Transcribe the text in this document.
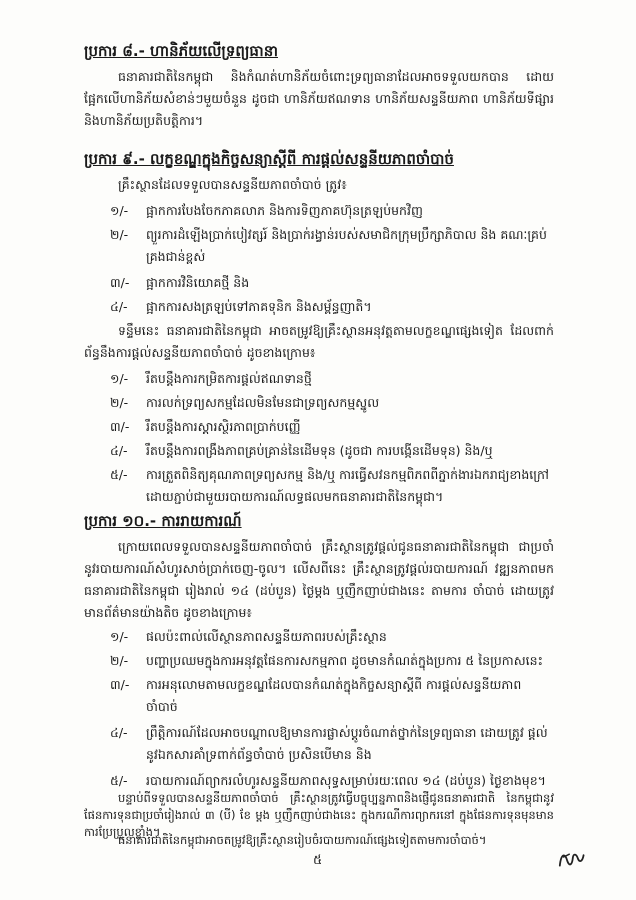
ប្រការ ៨.- ហានិភ័យលើទ្រព្យធានា
ធនាគារជាតិនៃកម្ពុជា និងកំណត់ហានិភ័យចំពោះទ្រព្យធានាដែលអាចទទួលយកបាន ដោយផ្អែកលើហានិភ័យសំខាន់ៗមួយចំនួន ដូចជា ហានិភ័យឥណទាន ហានិភ័យសន្ទនីយភាព ហានិភ័យទីផ្សារ និងហានិភ័យប្រតិបត្តិការ។
ប្រការ ៩.- លក្ខខណ្ឌក្នុងកិច្ចសន្យាស្ដីពី ការផ្ដល់សន្ទនីយភាពចាំបាច់
គ្រឹះស្ថានដែលទទួលបានសន្ទនីយភាពចាំបាច់ ត្រូវ៖
១/- ផ្អាកការបែងចែកភាគលាភ និងការទិញភាគហ៊ុនត្រឡប់មកវិញ
២/- ព្យួរការដំឡើងប្រាក់បៀវត្សរ៍ និងប្រាក់រង្វាន់របស់សមាជិកក្រុមប្រឹក្សាភិបាល និង គណៈគ្រប់គ្រងជាន់ខ្ពស់
៣/- ផ្អាកការវិនិយោគថ្មី និង
៤/- ផ្អាកការសងត្រឡប់ទៅភាគទុនិក និងសម្ព័ន្ធញាតិ។
ទន្ទឹមនេះ ធនាគារជាតិនៃកម្ពុជា អាចតម្រូវឱ្យគ្រឹះស្ថានអនុវត្តតាមលក្ខខណ្ឌផ្សេងទៀត ដែលពាក់ព័ន្ធនឹងការផ្ដល់សន្ទនីយភាពចាំបាច់ ដូចខាងក្រោម៖
១/- រឹតបន្តឹងការកម្រិតការផ្ដល់ឥណទានថ្មី
២/- ការលក់ទ្រព្យសកម្មដែលមិនមែនជាទ្រព្យសកម្មស្នូល
៣/- រឹតបន្តឹងការស្ដារស្ថិរភាពប្រាក់បញ្ញើ
៤/- រឹតបន្តឹងការពង្រឹងភាពគ្រប់គ្រាន់នៃដើមទុន (ដូចជា ការបង្កើនដើមទុន) និង/ឬ
៥/- ការត្រួតពិនិត្យគុណភាពទ្រព្យសកម្ម និង/ឬ ការធ្វើសវនកម្មពិភពពីភ្នាក់ងារឯករាជ្យខាងក្រៅ ដោយភ្ជាប់ជាមួយរបាយការណ៍លទ្ធផលមកធនាគារជាតិនៃកម្ពុជា។
ប្រការ ១០.- ការរាយការណ៍
ក្រោយពេលទទួលបានសន្ទនីយភាពចាំបាច់ គ្រឹះស្ថានត្រូវផ្ដល់ជូនធនាគារជាតិនៃកម្ពុជា ជាប្រចាំនូវរបាយការណ៍សំហូរសាច់ប្រាក់ចេញ-ចូល។ លើសពីនេះ គ្រឹះស្ថានត្រូវផ្ដល់របាយការណ៍ វឌ្ឍនភាពមកធនាគារជាតិនៃកម្ពុជា រៀងរាល់ ១៤ (ដប់បួន) ថ្ងៃម្ដង ឬញឹកញាប់ជាងនេះ តាមការ ចាំបាច់ ដោយត្រូវមានព័ត៌មានយ៉ាងតិច ដូចខាងក្រោម៖
១/- ផលប៉ះពាល់លើស្ថានភាពសន្ទនីយភាពរបស់គ្រឹះស្ថាន
២/- បញ្ហាប្រឈមក្នុងការអនុវត្តផែនការសកម្មភាព ដូចមានកំណត់ក្នុងប្រការ ៥ នៃប្រកាសនេះ
៣/- ការអនុលោមតាមលក្ខខណ្ឌដែលបានកំណត់ក្នុងកិច្ចសន្យាស្ដីពី ការផ្ដល់សន្ទនីយភាព ចាំបាច់
៤/- ព្រឹត្តិការណ៍ដែលអាចបណ្ដាលឱ្យមានការផ្លាស់ប្ដូរចំណាត់ថ្នាក់នៃទ្រព្យធានា ដោយត្រូវ ផ្ដល់នូវឯកសារគាំទ្រពាក់ព័ន្ធចាំបាច់ ប្រសិនបើមាន និង
៥/- របាយការណ៍ព្យាករលំហូរសន្ទនីយភាពសុទ្ធសម្រាប់រយៈពេល ១៤ (ដប់បួន) ថ្ងៃខាងមុខ។
បន្ទាប់ពីទទួលបានសន្ទនីយភាពចាំបាច់ គ្រឹះស្ថានត្រូវធ្វើបច្ចុប្បន្នភាពនិងផ្ញើជូនធនាគារជាតិ នៃកម្ពុជានូវផែនការទុនជាប្រចាំរៀងរាល់ ៣ (បី) ខែ ម្ដង ឬញឹកញាប់ជាងនេះ ក្នុងករណីការព្យាករនៅ ក្នុងផែនការទុនមុនមានការប្រែប្រួលខ្លាំង។
ធនាគារជាតិនៃកម្ពុជាអាចតម្រូវឱ្យគ្រឹះស្ថានរៀបចំរបាយការណ៍ផ្សេងទៀតតាមការចាំបាច់។
៥
